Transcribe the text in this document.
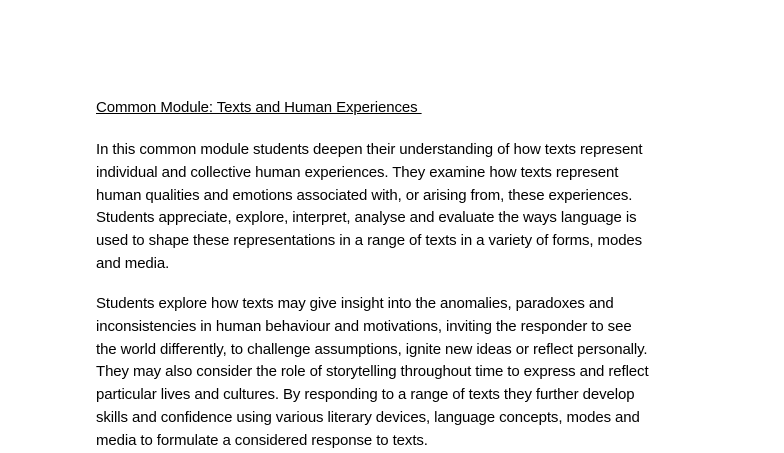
Common Module: Texts and Human Experiences

In this common module students deepen their understanding of how texts represent
individual and collective human experiences. They examine how texts represent
human qualities and emotions associated with, or arising from, these experiences.
Students appreciate, explore, interpret, analyse and evaluate the ways language is
used to shape these representations in a range of texts in a variety of forms, modes
and media.

Students explore how texts may give insight into the anomalies, paradoxes and
inconsistencies in human behaviour and motivations, inviting the responder to see
the world differently, to challenge assumptions, ignite new ideas or reflect personally.
They may also consider the role of storytelling throughout time to express and reflect
particular lives and cultures. By responding to a range of texts they further develop
skills and confidence using various literary devices, language concepts, modes and
media to formulate a considered response to texts.
